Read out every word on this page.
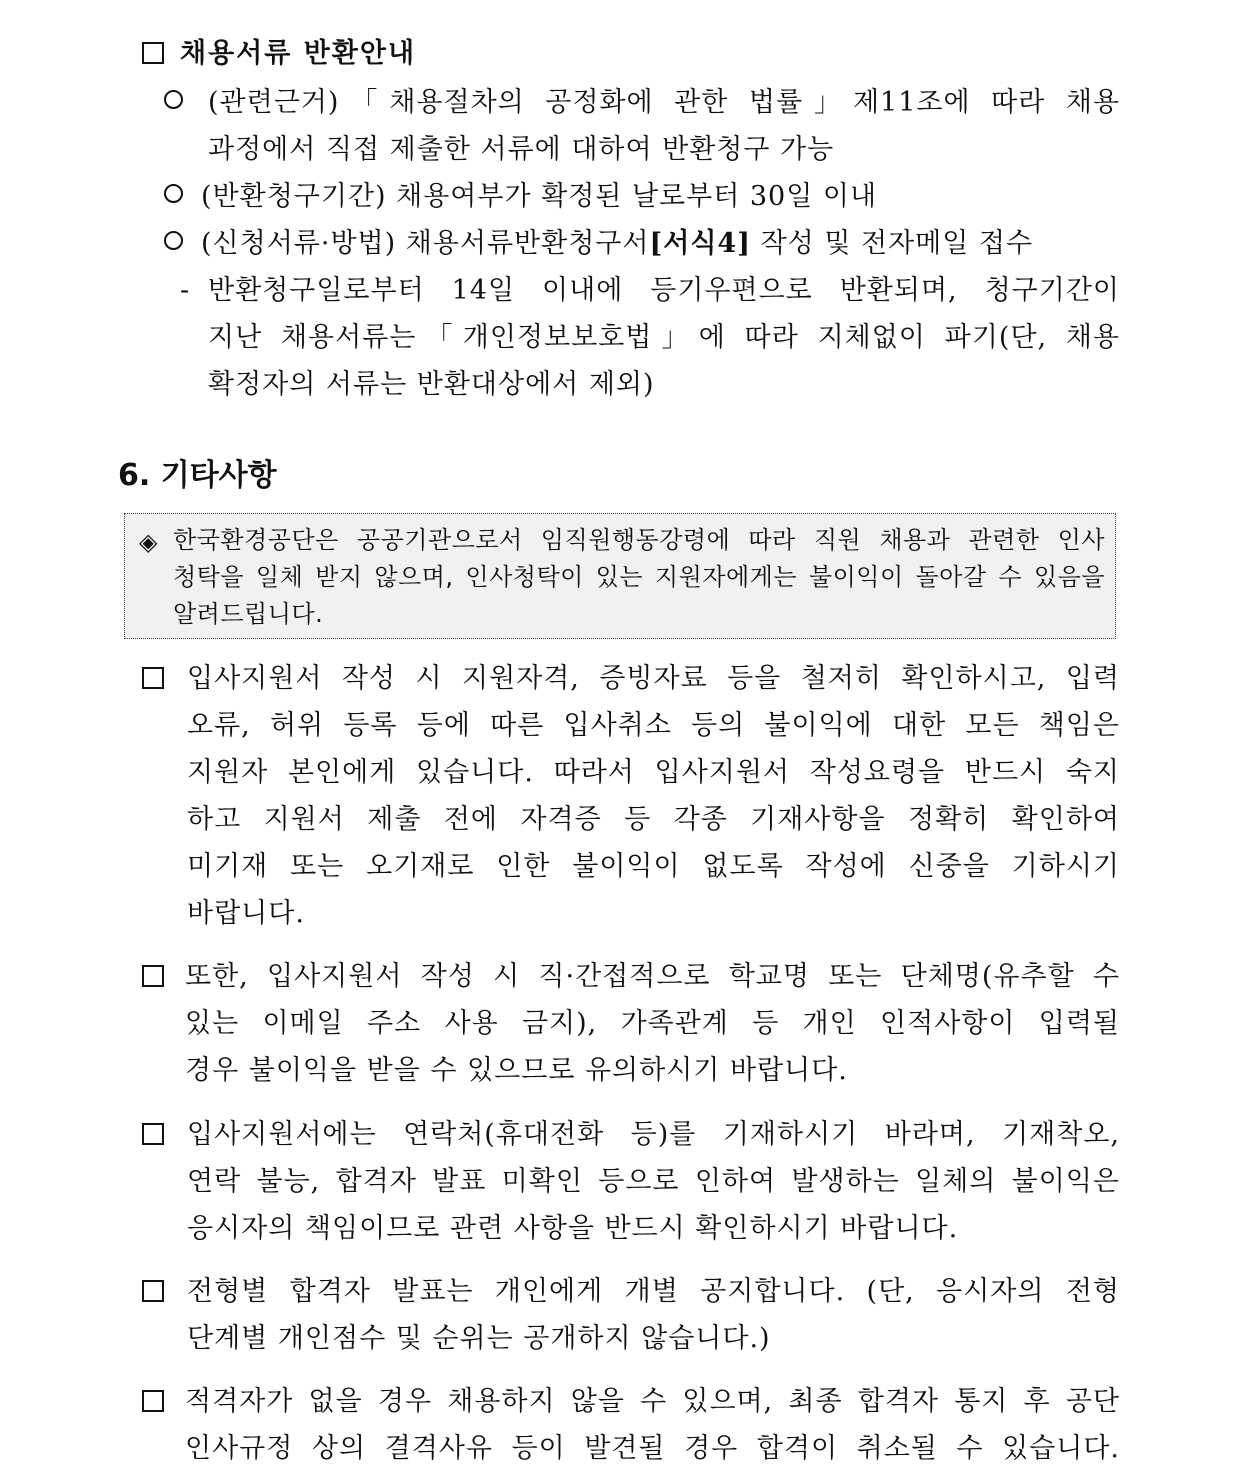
채용서류 반환안내
(관련근거)「채용절차의 공정화에 관한 법률」제11조에 따라 채용
과정에서 직접 제출한 서류에 대하여 반환청구 가능
(반환청구기간) 채용여부가 확정된 날로부터 30일 이내
(신청서류·방법) 채용서류반환청구서[서식4] 작성 및 전자메일 접수
- 반환청구일로부터 14일 이내에 등기우편으로 반환되며, 청구기간이
지난 채용서류는「개인정보보호법」에 따라 지체없이 파기(단, 채용
확정자의 서류는 반환대상에서 제외)
6. 기타사항
◈ 한국환경공단은 공공기관으로서 임직원행동강령에 따라 직원 채용과 관련한 인사
청탁을 일체 받지 않으며, 인사청탁이 있는 지원자에게는 불이익이 돌아갈 수 있음을
알려드립니다.
입사지원서 작성 시 지원자격, 증빙자료 등을 철저히 확인하시고, 입력
오류, 허위 등록 등에 따른 입사취소 등의 불이익에 대한 모든 책임은
지원자 본인에게 있습니다. 따라서 입사지원서 작성요령을 반드시 숙지
하고 지원서 제출 전에 자격증 등 각종 기재사항을 정확히 확인하여
미기재 또는 오기재로 인한 불이익이 없도록 작성에 신중을 기하시기
바랍니다.
또한, 입사지원서 작성 시 직·간접적으로 학교명 또는 단체명(유추할 수
있는 이메일 주소 사용 금지), 가족관계 등 개인 인적사항이 입력될
경우 불이익을 받을 수 있으므로 유의하시기 바랍니다.
입사지원서에는 연락처(휴대전화 등)를 기재하시기 바라며, 기재착오,
연락 불능, 합격자 발표 미확인 등으로 인하여 발생하는 일체의 불이익은
응시자의 책임이므로 관련 사항을 반드시 확인하시기 바랍니다.
전형별 합격자 발표는 개인에게 개별 공지합니다. (단, 응시자의 전형
단계별 개인점수 및 순위는 공개하지 않습니다.)
적격자가 없을 경우 채용하지 않을 수 있으며, 최종 합격자 통지 후 공단
인사규정 상의 결격사유 등이 발견될 경우 합격이 취소될 수 있습니다.
